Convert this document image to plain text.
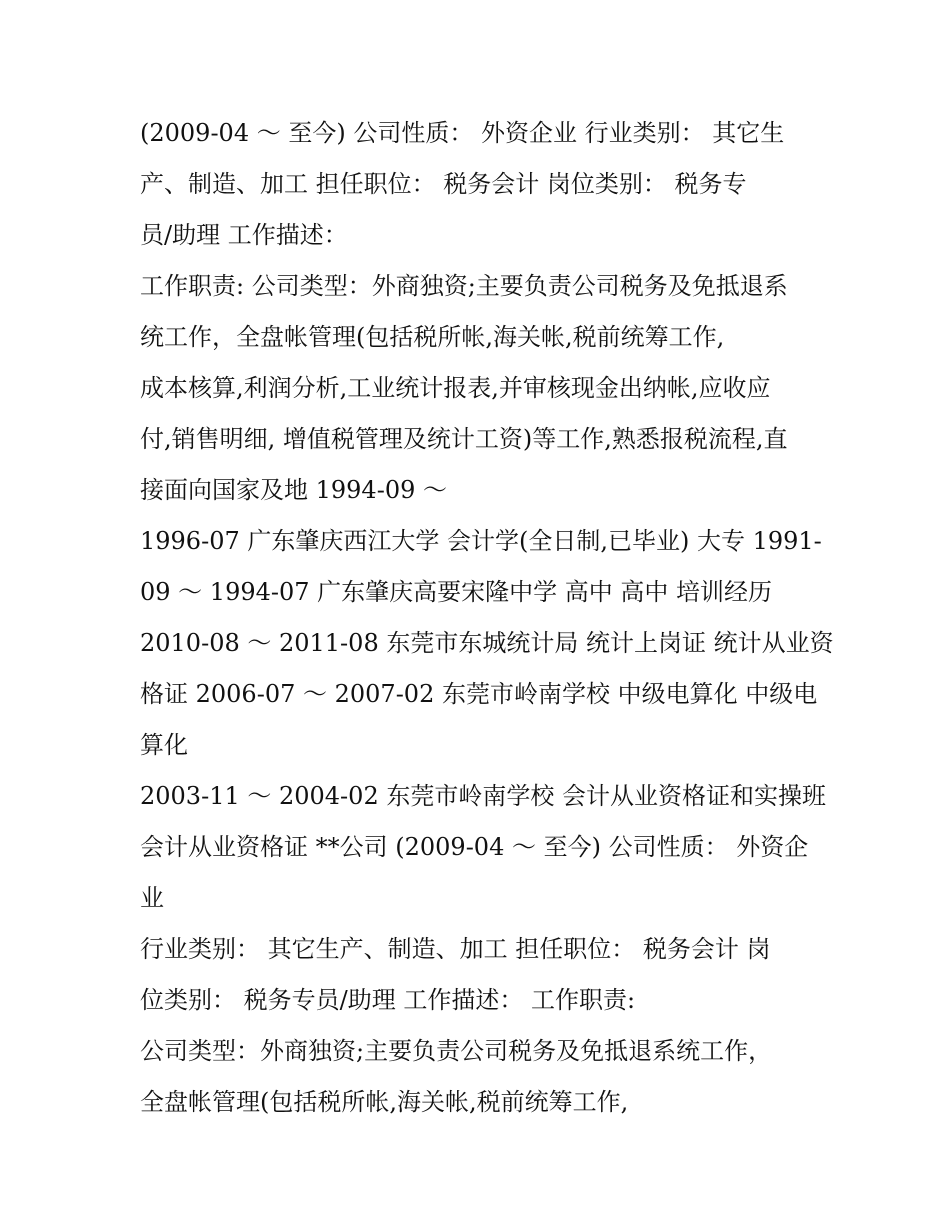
(2009-04 ～ 至今) 公司性质： 外资企业 行业类别： 其它生
产、制造、加工 担任职位： 税务会计 岗位类别： 税务专
员/助理 工作描述：
工作职责: 公司类型：外商独资;主要负责公司税务及免抵退系
统工作，全盘帐管理(包括税所帐,海关帐,税前统筹工作,
成本核算,利润分析,工业统计报表,并审核现金出纳帐,应收应
付,销售明细, 增值税管理及统计工资)等工作,熟悉报税流程,直
接面向国家及地 1994-09 ～
1996-07 广东肇庆西江大学 会计学(全日制,已毕业) 大专 1991-
09 ～ 1994-07 广东肇庆高要宋隆中学 高中 高中 培训经历
2010-08 ～ 2011-08 东莞市东城统计局 统计上岗证 统计从业资
格证 2006-07 ～ 2007-02 东莞市岭南学校 中级电算化 中级电
算化
2003-11 ～ 2004-02 东莞市岭南学校 会计从业资格证和实操班
会计从业资格证 **公司 (2009-04 ～ 至今) 公司性质： 外资企
业
行业类别： 其它生产、制造、加工 担任职位： 税务会计 岗
位类别： 税务专员/助理 工作描述： 工作职责:
公司类型：外商独资;主要负责公司税务及免抵退系统工作，
全盘帐管理(包括税所帐,海关帐,税前统筹工作,
